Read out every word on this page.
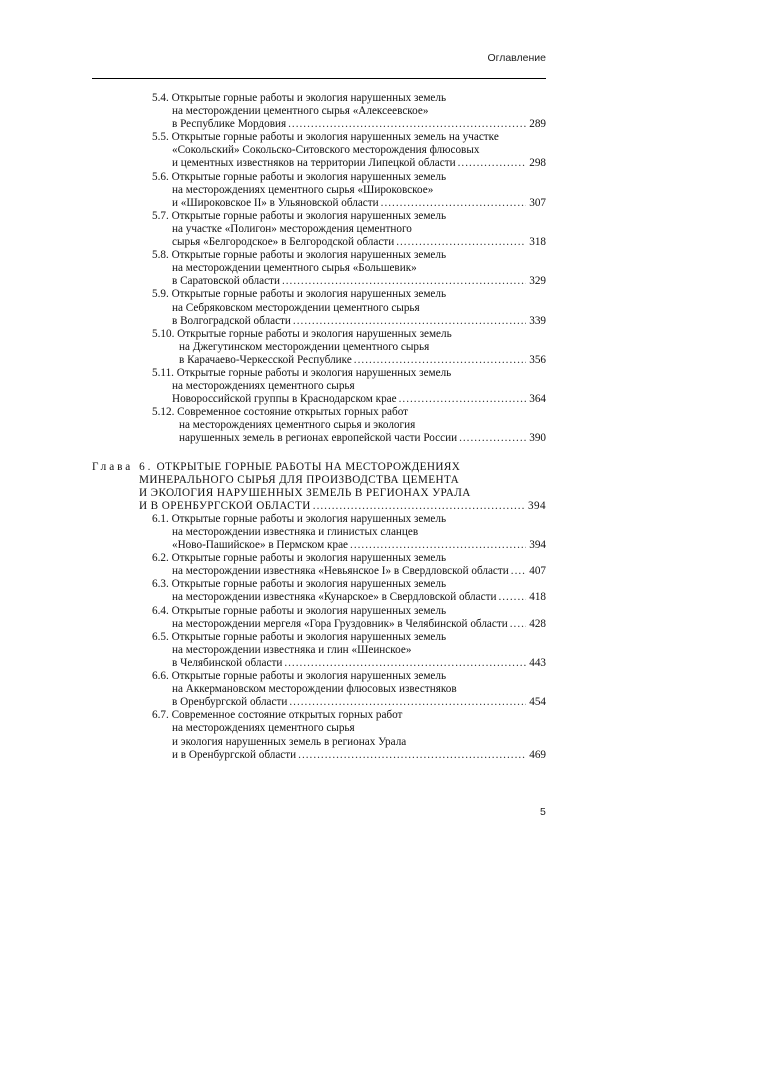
Оглавление
5.4. Открытые горные работы и экология нарушенных земель
на месторождении цементного сырья «Алексеевское»
в Республике Мордовия .....	289
5.5. Открытые горные работы и экология нарушенных земель на участке
«Сокольский» Сокольско-Ситовского месторождения флюсовых
и цементных известняков на территории Липецкой области .....	298
5.6. Открытые горные работы и экология нарушенных земель
на месторождениях цементного сырья «Широковское»
и «Широковское II» в Ульяновской области .....	307
5.7. Открытые горные работы и экология нарушенных земель
на участке «Полигон» месторождения цементного
сырья «Белгородское» в Белгородской области .....	318
5.8. Открытые горные работы и экология нарушенных земель
на месторождении цементного сырья «Большевик»
в Саратовской области .....	329
5.9. Открытые горные работы и экология нарушенных земель
на Себряковском месторождении цементного сырья
в Волгоградской области .....	339
5.10. Открытые горные работы и экология нарушенных земель
на Джегутинском месторождении цементного сырья
в Карачаево-Черкесской Республике .....	356
5.11. Открытые горные работы и экология нарушенных земель
на месторождениях цементного сырья
Новороссийской группы в Краснодарском крае .....	364
5.12. Современное состояние открытых горных работ
на месторождениях цементного сырья и экология
нарушенных земель в регионах европейской части России .....	390
Глава 6. ОТКРЫТЫЕ ГОРНЫЕ РАБОТЫ НА МЕСТОРОЖДЕНИЯХ
МИНЕРАЛЬНОГО СЫРЬЯ ДЛЯ ПРОИЗВОДСТВА ЦЕМЕНТА
И ЭКОЛОГИЯ НАРУШЕННЫХ ЗЕМЕЛЬ В РЕГИОНАХ УРАЛА
И В ОРЕНБУРГСКОЙ ОБЛАСТИ .....	394
6.1. Открытые горные работы и экология нарушенных земель
на месторождении известняка и глинистых сланцев
«Ново-Пашийское» в Пермском крае .....	394
6.2. Открытые горные работы и экология нарушенных земель
на месторождении известняка «Невьянское I» в Свердловской области ..... 407
6.3. Открытые горные работы и экология нарушенных земель
на месторождении известняка «Кунарское» в Свердловской области .....	418
6.4. Открытые горные работы и экология нарушенных земель
на месторождении мергеля «Гора Груздовник» в Челябинской области ..... 428
6.5. Открытые горные работы и экология нарушенных земель
на месторождении известняка и глин «Шеинское»
в Челябинской области .....	443
6.6. Открытые горные работы и экология нарушенных земель
на Аккермановском месторождении флюсовых известняков
в Оренбургской области .....	454
6.7. Современное состояние открытых горных работ
на месторождениях цементного сырья
и экология нарушенных земель в регионах Урала
и в Оренбургской области .....	469
5
